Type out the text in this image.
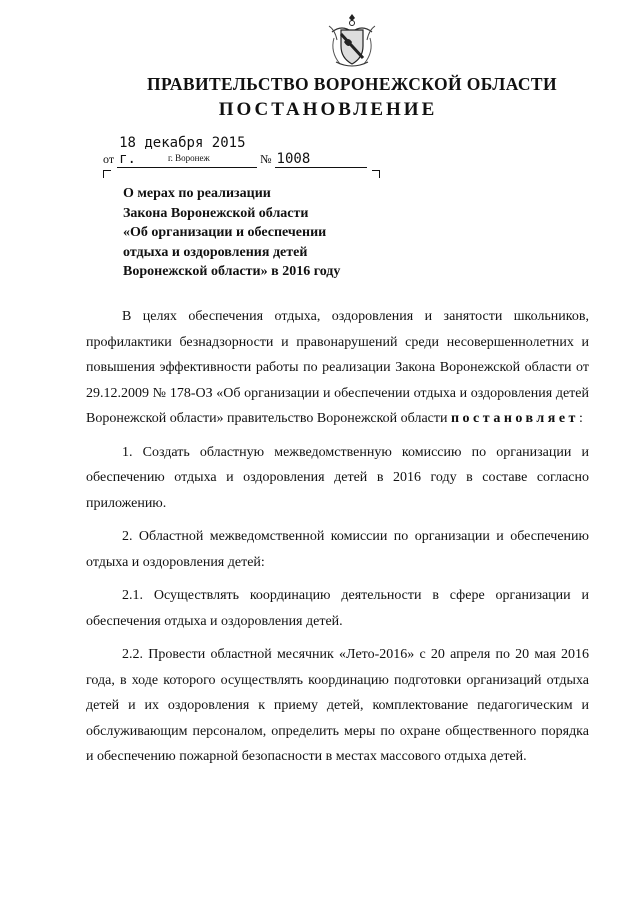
ПРАВИТЕЛЬСТВО ВОРОНЕЖСКОЙ ОБЛАСТИ
ПОСТАНОВЛЕНИЕ
от 18 декабря 2015 г.	№ 1008
г. Воронеж
О мерах по реализации
Закона Воронежской области
«Об организации и обеспечении
отдыха и оздоровления детей
Воронежской области» в 2016 году

В целях обеспечения отдыха, оздоровления и занятости школьников, профилактики безнадзорности и правонарушений среди несовершеннолетних и повышения эффективности работы по реализации Закона Воронежской области от 29.12.2009 № 178-ОЗ «Об организации и обеспечении отдыха и оздоровления детей Воронежской области» правительство Воронежской области постановляет:

1. Создать областную межведомственную комиссию по организации и обеспечению отдыха и оздоровления детей в 2016 году в составе согласно приложению.

2. Областной межведомственной комиссии по организации и обеспечению отдыха и оздоровления детей:

2.1. Осуществлять координацию деятельности в сфере организации и обеспечения отдыха и оздоровления детей.

2.2. Провести областной месячник «Лето-2016» с 20 апреля по 20 мая 2016 года, в ходе которого осуществлять координацию подготовки организаций отдыха детей и их оздоровления к приему детей, комплектование педагогическим и обслуживающим персоналом, определить меры по охране общественного порядка и обеспечению пожарной безопасности в местах массового отдыха детей.
